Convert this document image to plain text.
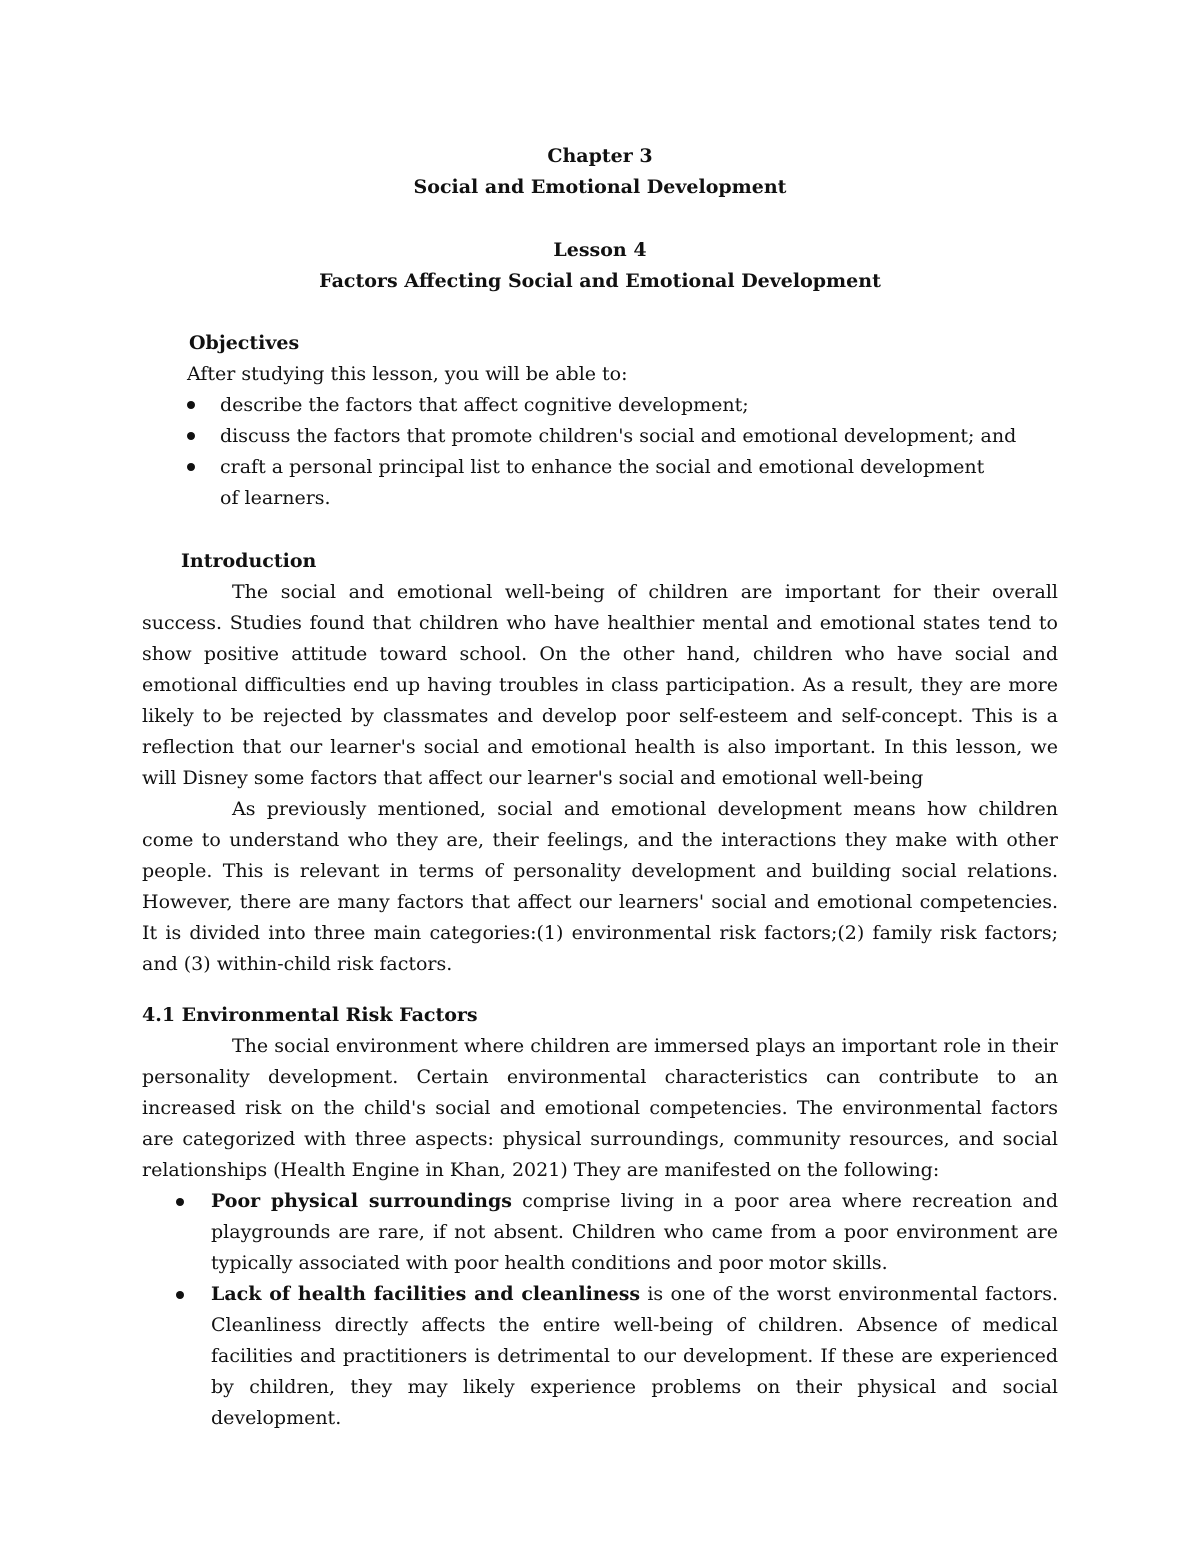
Chapter 3
Social and Emotional Development
Lesson 4
Factors Affecting Social and Emotional Development
Objectives
After studying this lesson, you will be able to:

describe the factors that affect cognitive development;

discuss the factors that promote children's social and emotional development; and

craft a personal principal list to enhance the social and emotional development of learners.

Introduction

The social and emotional well-being of children are important for their overall success. Studies found that children who have healthier mental and emotional states tend to show positive attitude toward school. On the other hand, children who have social and emotional difficulties end up having troubles in class participation. As a result, they are more likely to be rejected by classmates and develop poor self-esteem and self-concept. This is a reflection that our learner's social and emotional health is also important. In this lesson, we will Disney some factors that affect our learner's social and emotional well-being

As previously mentioned, social and emotional development means how children come to understand who they are, their feelings, and the interactions they make with other people. This is relevant in terms of personality development and building social relations. However, there are many factors that affect our learners' social and emotional competencies. It is divided into three main categories:(1) environmental risk factors;(2) family risk factors; and (3) within-child risk factors.

4.1 Environmental Risk Factors

The social environment where children are immersed plays an important role in their personality development. Certain environmental characteristics can contribute to an increased risk on the child's social and emotional competencies. The environmental factors are categorized with three aspects: physical surroundings, community resources, and social relationships (Health Engine in Khan, 2021) They are manifested on the following:

Poor physical surroundings comprise living in a poor area where recreation and playgrounds are rare, if not absent. Children who came from a poor environment are typically associated with poor health conditions and poor motor skills.

Lack of health facilities and cleanliness is one of the worst environmental factors. Cleanliness directly affects the entire well-being of children. Absence of medical facilities and practitioners is detrimental to our development. If these are experienced by children, they may likely experience problems on their physical and social development.
